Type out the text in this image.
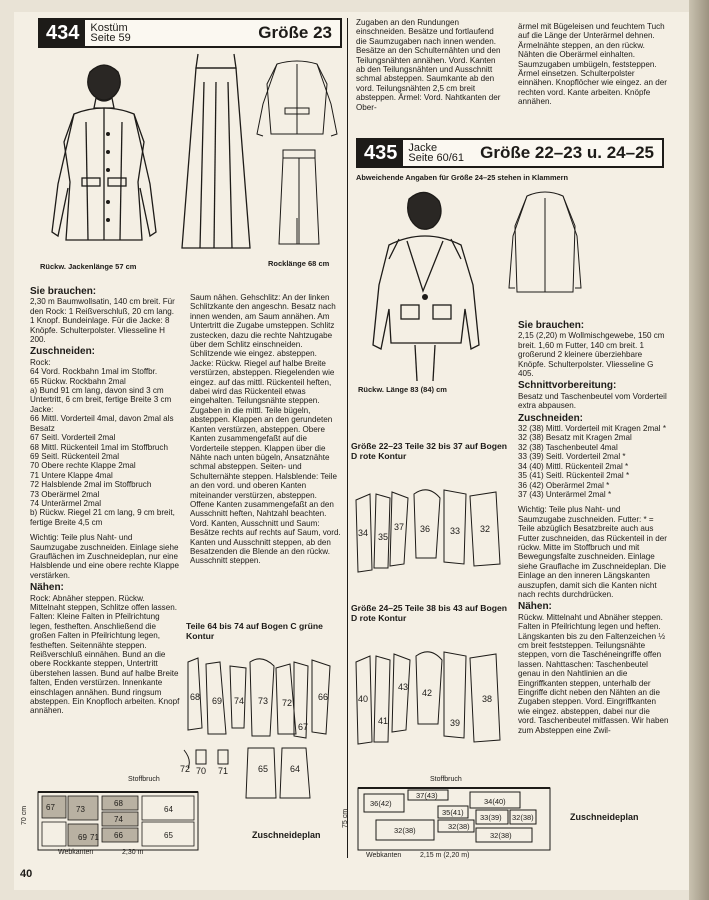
434	Kostüm
Seite 59	Größe 23
Rückw. Jackenlänge 57 cm	Rocklänge 68 cm
Sie brauchen:

2,30 m Baumwollsatin, 140 cm breit. Für den Rock: 1 Reißverschluß, 20 cm lang. 1 Knopf. Bundeinlage. Für die Jacke: 8 Knöpfe. Schulterpolster. Vliesseline H 200.

Zuschneiden:
Rock:
64 Vord. Rockbahn 1mal im Stoffbr.
65 Rückw. Rockbahn 2mal
a) Bund 91 cm lang, davon sind 3 cm Untertritt, 6 cm breit, fertige Breite 3 cm
Jacke:
66 Mittl. Vorderteil 4mal, davon 2mal als Besatz
67 Seitl. Vorderteil 2mal
68 Mittl. Rückenteil 1mal im Stoffbruch
69 Seitl. Rückenteil 2mal
70 Obere rechte Klappe 2mal
71 Untere Klappe 4mal
72 Halsblende 2mal im Stoffbruch
73 Oberärmel 2mal
74 Unterärmel 2mal
b) Rückw. Riegel 21 cm lang, 9 cm breit, fertige Breite 4,5 cm

Wichtig: Teile plus Naht- und Saumzugabe zuschneiden. Einlage siehe Grauflächen im Zuschneideplan, nur eine Halsblende und eine obere rechte Klappe verstärken.

Nähen:

Rock: Abnäher steppen. Rückw. Mittelnaht steppen, Schlitze offen lassen. Falten: Kleine Falten in Pfeilrichtung legen, festheften. Anschließend die großen Falten in Pfeilrichtung legen, festheften. Seitennähte steppen. Reißverschluß einnähen. Bund an die obere Rockkante steppen, Untertritt überstehen lassen. Bund auf halbe Breite falten, Enden verstürzen. Innenkante einschlagen annähen. Bund ringsum absteppen. Ein Knopfloch arbeiten. Knopf annähen.

Saum nähen. Gehschlitz: An der linken Schlitzkante den angeschn. Besatz nach innen wenden, am Saum annähen. Am Untertritt die Zugabe umsteppen. Schlitz zustecken, dazu die rechte Nahtzugabe über dem Schlitz einschneiden. Schlitzende wie eingez. absteppen. Jacke: Rückw. Riegel auf halbe Breite verstürzen, absteppen. Riegelenden wie eingez. auf das mittl. Rückenteil heften, dabei wird das Rückenteil etwas eingehalten. Teilungsnähte steppen. Zugaben in die mittl. Teile bügeln, absteppen. Klappen an den gerundeten Kanten verstürzen, absteppen. Obere Kanten zusammengefaßt auf die Vorderteile steppen. Klappen über die Nähte nach unten bügeln, Ansatznähte schmal absteppen. Seiten- und Schulternähte steppen. Halsblende: Teile an den vord. und oberen Kanten miteinander verstürzen, absteppen. Offene Kanten zusammengefaßt an den Ausschnitt heften, Nahtzahl beachten. Vord. Kanten, Ausschnitt und Saum: Besätze rechts auf rechts auf Saum, vord. Kanten und Ausschnitt steppen, ab den Besatzenden die Blende an den rückw. Ausschnitt steppen.

Teile 64 bis 74 auf Bogen C grüne Kontur
68 69 74 73 72
67
66
70 71	65 64
72
67	73
68
74
66
69 71
64
65
Stoffbruch
Webkanten	2,30 m
70 cm
Zuschneideplan

Zugaben an den Rundungen einschneiden. Besätze und fortlaufend die Saumzugaben nach innen wenden. Besätze an den Schulternähten und den Teilungsnähten annähen. Vord. Kanten ab den Teilungsnähten und Ausschnitt schmal absteppen. Saumkante ab den vord. Teilungsnähten 2,5 cm breit absteppen. Ärmel: Vord. Nahtkanten der Ober-

ärmel mit Bügeleisen und feuchtem Tuch auf die Länge der Unterärmel dehnen. Ärmelnähte steppen, an den rückw. Nähten die Oberärmel einhalten. Saumzugaben umbügeln, feststeppen. Ärmel einsetzen. Schulterpolster einnähen. Knopflöcher wie eingez. an der rechten vord. Kante arbeiten. Knöpfe annähen.

435	Jacke
Seite 60/61 Größe 22–23 u. 24–25
Abweichende Angaben für Größe 24–25 stehen in Klammern
Rückw. Länge 83 (84) cm
Sie brauchen:

2,15 (2,20) m Wollmischgewebe, 150 cm breit. 1,60 m Futter, 140 cm breit. 1 großerund 2 kleinere überziehbare Knöpfe. Schulterpolster. Vliesseline G 405.

Schnittvorbereitung:

Besatz und Taschenbeutel vom Vorderteil extra abpausen.

Zuschneiden:
32 (38) Mittl. Vorderteil mit Kragen 2mal *
32 (38) Besatz mit Kragen 2mal
32 (38) Taschenbeutel 4mal
33 (39) Seitl. Vorderteil 2mal *
34 (40) Mittl. Rückenteil 2mal *
35 (41) Seitl. Rückenteil 2mal *
36 (42) Oberärmel 2mal *
37 (43) Unterärmel 2mal *

Wichtig: Teile plus Naht- und Saumzugabe zuschneiden. Futter: * = Teile abzüglich Besatzbreite auch aus Futter zuschneiden, das Rückenteil in der rückw. Mitte im Stoffbruch und mit Bewegungsfalte zuschneiden. Einlage siehe Grauflache im Zuschneideplan. Die Einlage an den inneren Längskanten auszupfen, damit sich die Kanten nicht nach rechts durchdrücken.

Nähen:

Rückw. Mittelnaht und Abnäher steppen. Falten in Pfeilrichtung legen und heften. Längskanten bis zu den Faltenzeichen ½ cm breit feststeppen. Teilungsnähte steppen, vorn die Taschéneingriffe offen lassen. Nahttaschen: Taschenbeutel genau in den Nahtlinien an die Eingriffkanten steppen, unterhalb der Eingriffe dicht neben den Nähten an die Zugaben steppen. Vord. Eingriffkanten wie eingez. absteppen, dabei nur die vord. Taschenbeutel mitfassen. Wir haben zum Absteppen eine Zwil-

Größe 22–23 Teile 32 bis 37 auf Bogen D rote Kontur
34 35
37 36 33 32
Größe 24–25 Teile 38 bis 43 auf Bogen D rote Kontur
40
41
43
42
39
38
37(43)
34(40)
36(42)
35(41)
32(38)
33(39) 32(38)
32(38)
32(38)
Stoffbruch
Webkanten	2,15 m (2,20 m)
75 cm	Zuschneideplan
40
